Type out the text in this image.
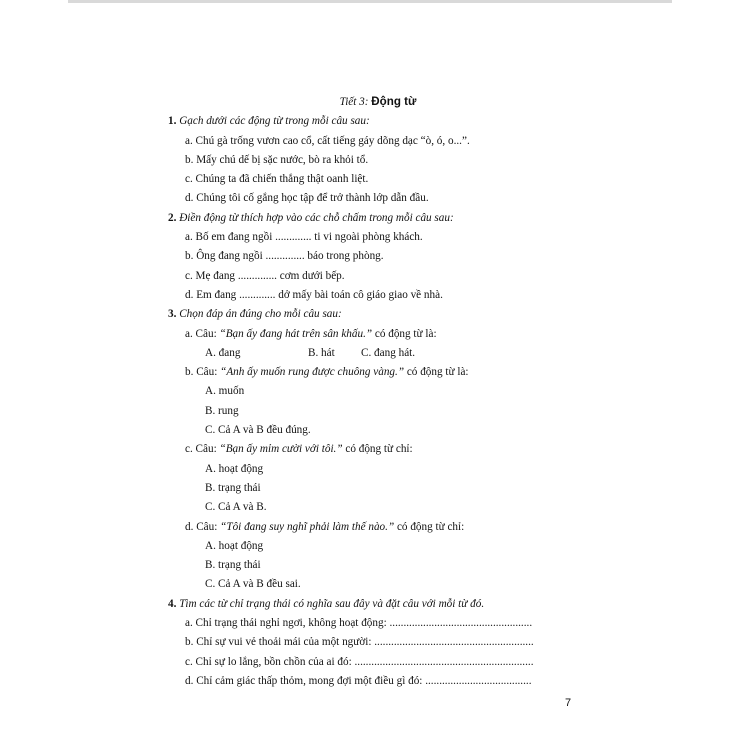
Tiết 3: Động từ
1. Gạch dưới các động từ trong mỗi câu sau:
a. Chú gà trống vươn cao cổ, cất tiếng gáy dõng dạc “ò, ó, o...”.
b. Mấy chú dế bị sặc nước, bò ra khỏi tổ.
c. Chúng ta đã chiến thắng thật oanh liệt.
d. Chúng tôi cố gắng học tập để trở thành lớp dẫn đầu.
2. Điền động từ thích hợp vào các chỗ chấm trong mỗi câu sau:
a. Bố em đang ngồi ............. ti vi ngoài phòng khách.
b. Ông đang ngồi .............. báo trong phòng.
c. Mẹ đang .............. cơm dưới bếp.
d. Em đang ............. dở mấy bài toán cô giáo giao về nhà.
3. Chọn đáp án đúng cho mỗi câu sau:
a. Câu: “Bạn ấy đang hát trên sân khấu.” có động từ là:
A. đang	B. hát C. đang hát.
b. Câu: “Anh ấy muốn rung được chuông vàng.” có động từ là:
A. muốn
B. rung
C. Cả A và B đều đúng.
c. Câu: “Bạn ấy mỉm cười với tôi.” có động từ chỉ:
A. hoạt động
B. trạng thái
C. Cả A và B.
d. Câu: “Tôi đang suy nghĩ phải làm thế nào.” có động từ chỉ:
A. hoạt động
B. trạng thái
C. Cả A và B đều sai.
4. Tìm các từ chỉ trạng thái có nghĩa sau đây và đặt câu với mỗi từ đó.
a. Chỉ trạng thái nghỉ ngơi, không hoạt động: ...................................................
b. Chỉ sự vui vẻ thoải mái của một người: .........................................................
c. Chỉ sự lo lắng, bồn chồn của ai đó: ................................................................
d. Chỉ cảm giác thấp thỏm, mong đợi một điều gì đó: ......................................
7
